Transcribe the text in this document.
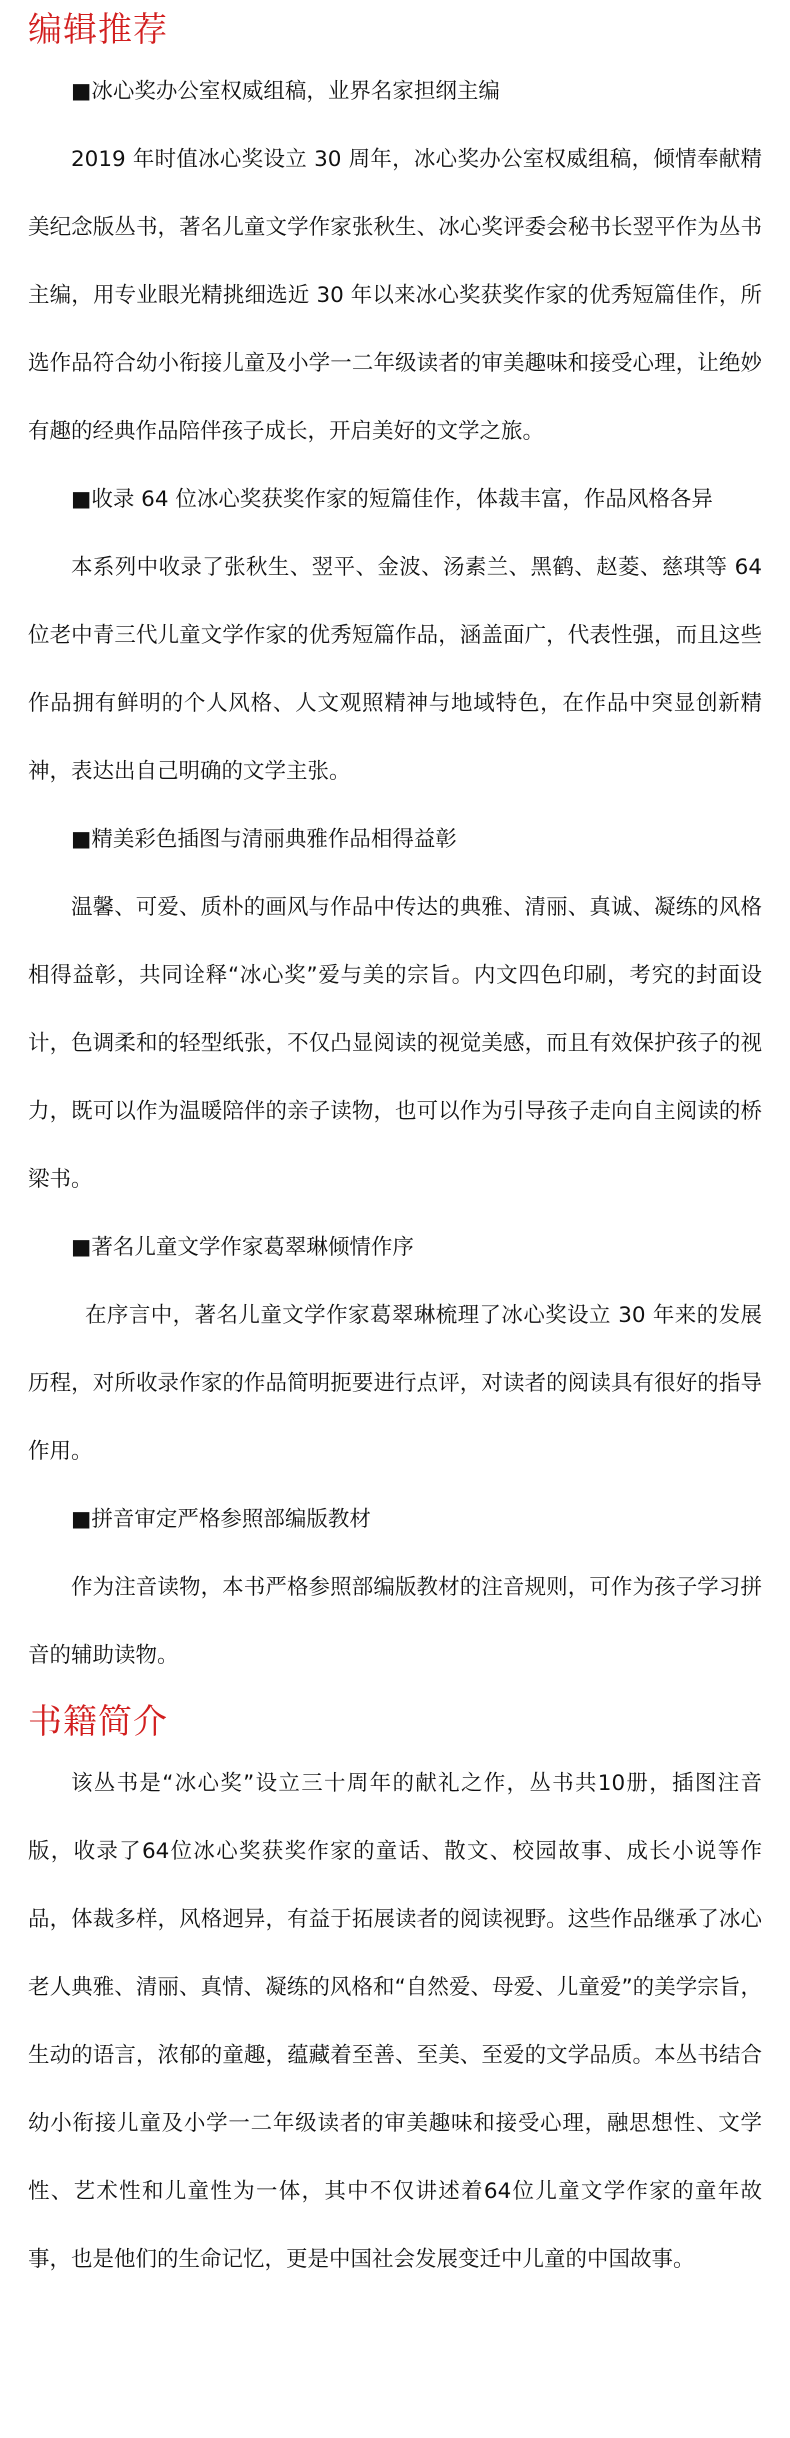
编辑推荐

■冰心奖办公室权威组稿，业界名家担纲主编

2019 年时值冰心奖设立 30 周年，冰心奖办公室权威组稿，倾情奉献精美纪念版丛书，著名儿童文学作家张秋生、冰心奖评委会秘书长翌平作为丛书主编，用专业眼光精挑细选近 30 年以来冰心奖获奖作家的优秀短篇佳作，所选作品符合幼小衔接儿童及小学一二年级读者的审美趣味和接受心理，让绝妙有趣的经典作品陪伴孩子成长，开启美好的文学之旅。

■收录 64 位冰心奖获奖作家的短篇佳作，体裁丰富，作品风格各异

本系列中收录了张秋生、翌平、金波、汤素兰、黑鹤、赵菱、慈琪等 64 位老中青三代儿童文学作家的优秀短篇作品，涵盖面广，代表性强，而且这些作品拥有鲜明的个人风格、人文观照精神与地域特色，在作品中突显创新精神，表达出自己明确的文学主张。

■精美彩色插图与清丽典雅作品相得益彰

温馨、可爱、质朴的画风与作品中传达的典雅、清丽、真诚、凝练的风格相得益彰，共同诠释“冰心奖”爱与美的宗旨。内文四色印刷，考究的封面设计，色调柔和的轻型纸张，不仅凸显阅读的视觉美感，而且有效保护孩子的视力，既可以作为温暖陪伴的亲子读物，也可以作为引导孩子走向自主阅读的桥梁书。

■著名儿童文学作家葛翠琳倾情作序

在序言中，著名儿童文学作家葛翠琳梳理了冰心奖设立 30 年来的发展历程，对所收录作家的作品简明扼要进行点评，对读者的阅读具有很好的指导作用。

■拼音审定严格参照部编版教材

作为注音读物，本书严格参照部编版教材的注音规则，可作为孩子学习拼音的辅助读物。

书籍简介

该丛书是“冰心奖”设立三十周年的献礼之作，丛书共10册，插图注音版，收录了64位冰心奖获奖作家的童话、散文、校园故事、成长小说等作品，体裁多样，风格迥异，有益于拓展读者的阅读视野。这些作品继承了冰心老人典雅、清丽、真情、凝练的风格和“自然爱、母爱、儿童爱”的美学宗旨，生动的语言，浓郁的童趣，蕴藏着至善、至美、至爱的文学品质。本丛书结合幼小衔接儿童及小学一二年级读者的审美趣味和接受心理，融思想性、文学性、艺术性和儿童性为一体，其中不仅讲述着64位儿童文学作家的童年故事，也是他们的生命记忆，更是中国社会发展变迁中儿童的中国故事。
